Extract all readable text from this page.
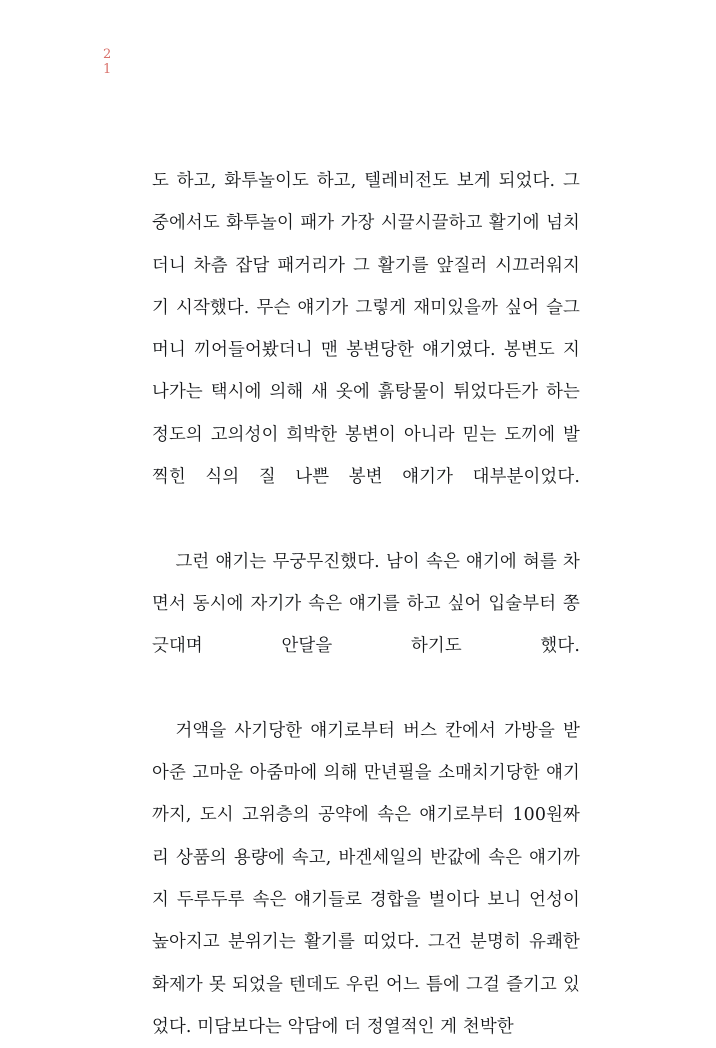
2
1

도 하고, 화투놀이도 하고, 텔레비전도 보게 되었다. 그 중에서도 화투놀이 패가 가장 시끌시끌하고 활기에 넘치더니 차츰 잡담 패거리가 그 활기를 앞질러 시끄러워지기 시작했다. 무슨 얘기가 그렇게 재미있을까 싶어 슬그머니 끼어들어봤더니 맨 봉변당한 얘기였다. 봉변도 지나가는 택시에 의해 새 옷에 흙탕물이 튀었다든가 하는 정도의 고의성이 희박한 봉변이 아니라 믿는 도끼에 발 찍힌 식의 질 나쁜 봉변 얘기가 대부분이었다.

그런 얘기는 무궁무진했다. 남이 속은 얘기에 혀를 차면서 동시에 자기가 속은 얘기를 하고 싶어 입술부터 쫑긋대며 안달을 하기도 했다.

거액을 사기당한 얘기로부터 버스 칸에서 가방을 받아준 고마운 아줌마에 의해 만년필을 소매치기당한 얘기까지, 도시 고위층의 공약에 속은 얘기로부터 100원짜리 상품의 용량에 속고, 바겐세일의 반값에 속은 얘기까지 두루두루 속은 얘기들로 경합을 벌이다 보니 언성이 높아지고 분위기는 활기를 띠었다. 그건 분명히 유쾌한 화제가 못 되었을 텐데도 우린 어느 틈에 그걸 즐기고 있었다. 미담보다는 악담에 더 정열적인 게 천박한
